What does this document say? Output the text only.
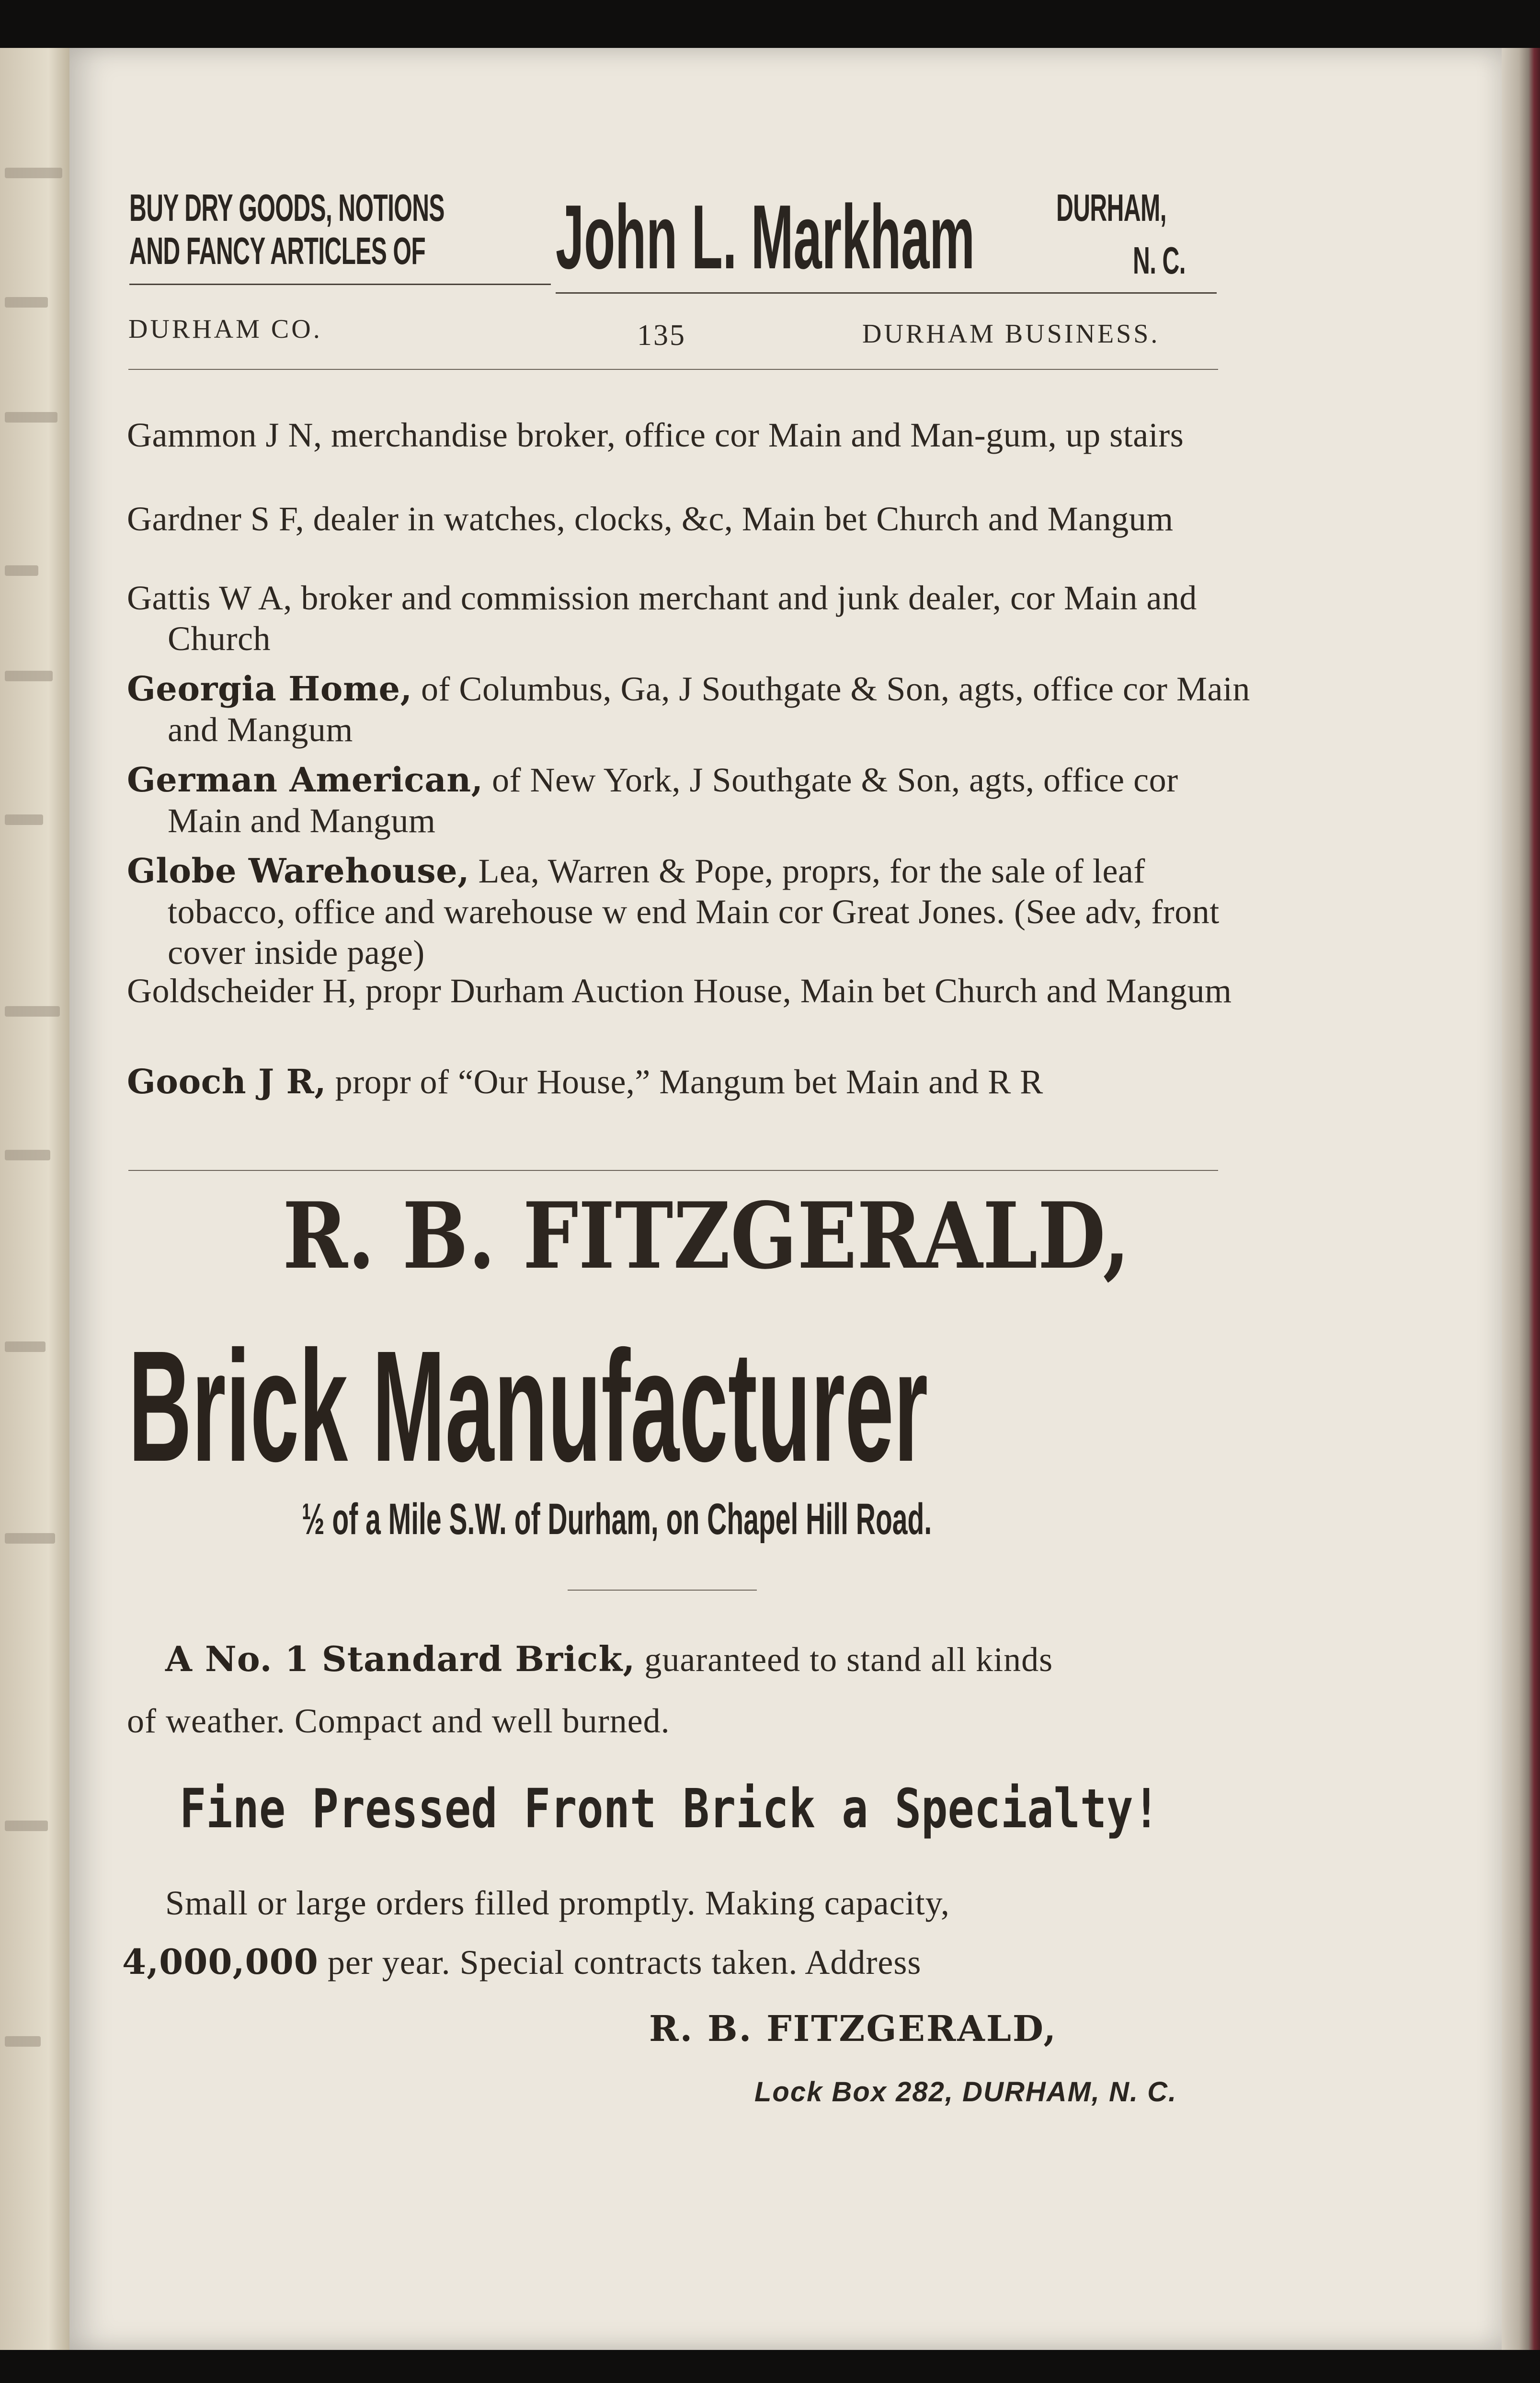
BUY DRY GOODS, NOTIONS
AND FANCY ARTICLES OF John L. Markham DURHAM,
N. C.
DURHAM CO.	135	DURHAM BUSINESS.
Gammon J N, merchandise broker, office cor Main and Man-gum, up stairs
Gardner S F, dealer in watches, clocks, &c, Main bet Church and Mangum
Gattis W A, broker and commission merchant and junk dealer, cor Main and Church
Georgia Home, of Columbus, Ga, J Southgate & Son, agts, office cor Main and Mangum
German American, of New York, J Southgate & Son, agts, office cor Main and Mangum
Globe Warehouse, Lea, Warren & Pope, proprs, for the sale of leaf tobacco, office and warehouse w end Main cor Great Jones. (See adv, front cover inside page)
Goldscheider H, propr Durham Auction House, Main bet Church and Mangum
Gooch J R, propr of “Our House,” Mangum bet Main and R R
R. B. FITZGERALD,
Brick Manufacturer
½ of a Mile S.W. of Durham, on Chapel Hill Road.
A No. 1 Standard Brick, guaranteed to stand all kinds
of weather. Compact and well burned.
Fine Pressed Front Brick a Specialty!
Small or large orders filled promptly. Making capacity,
4,000,000 per year. Special contracts taken. Address
R. B. FITZGERALD,
Lock Box 282, DURHAM, N. C.
